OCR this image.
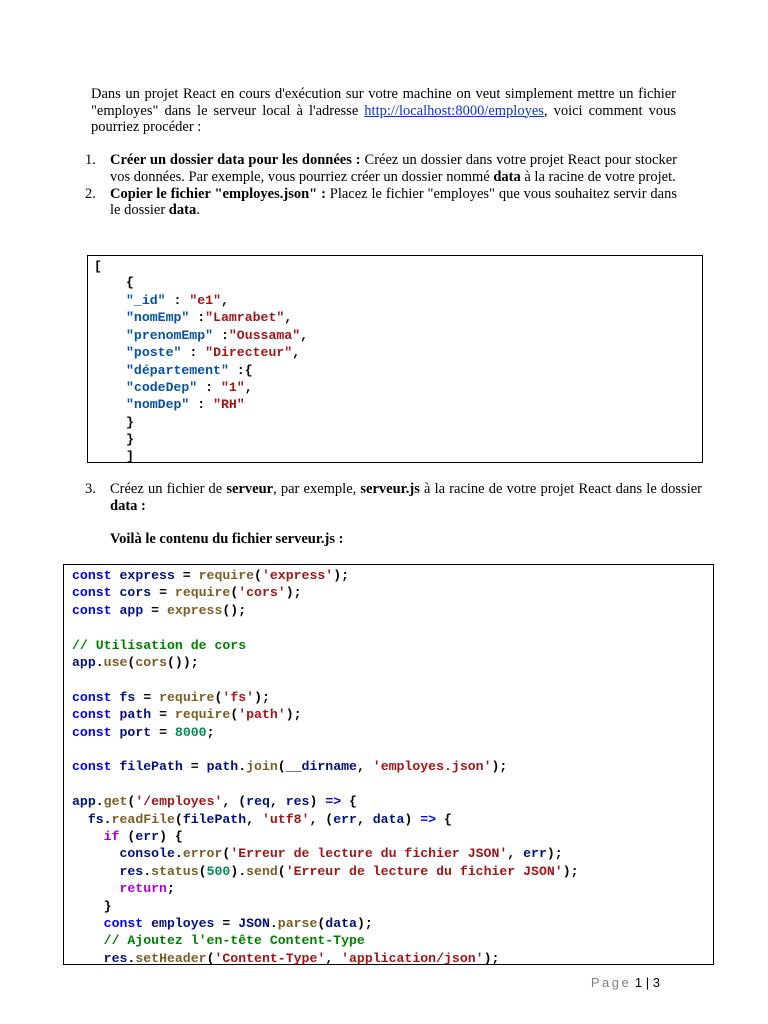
Dans un projet React en cours d'exécution sur votre machine on veut simplement mettre un fichier "employes" dans le serveur local à l'adresse http://localhost:8000/employes, voici comment vous pourriez procéder :

1. Créer un dossier data pour les données : Créez un dossier dans votre projet React pour stocker vos données. Par exemple, vous pourriez créer un dossier nommé data à la racine de votre projet.

2. Copier le fichier "employes.json" : Placez le fichier "employes" que vous souhaitez servir dans le dossier data.

[
{
"_id" : "e1",
"nomEmp" :"Lamrabet",
"prenomEmp" :"Oussama",
"poste" : "Directeur",
"département" :{
"codeDep" : "1",
"nomDep" : "RH"
}
}
]

3. Créez un fichier de serveur, par exemple, serveur.js à la racine de votre projet React dans le dossier data :

Voilà le contenu du fichier serveur.js :
const express = require('express');
const cors = require('cors');
const app = express();
// Utilisation de cors
app.use(cors());
const fs = require('fs');
const path = require('path');
const port = 8000;
const filePath = path.join(__dirname, 'employes.json');
app.get('/employes', (req, res) => {
fs.readFile(filePath, 'utf8', (err, data) => {
if (err) {
console.error('Erreur de lecture du fichier JSON', err);
res.status(500).send('Erreur de lecture du fichier JSON');
return;
}
const employes = JSON.parse(data);
// Ajoutez l'en-tête Content-Type
res.setHeader('Content-Type', 'application/json');
Page 1 | 3
